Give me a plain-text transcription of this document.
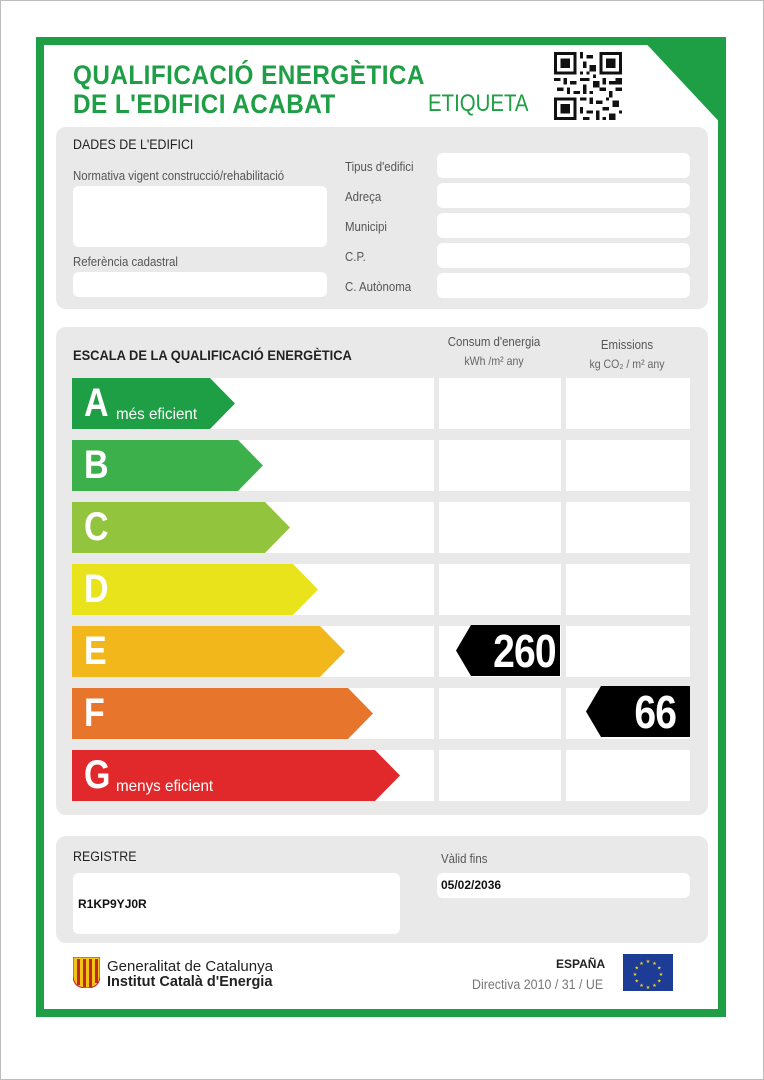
QUALIFICACIÓ ENERGÈTICA
DE L'EDIFICI ACABAT	ETIQUETA
DADES DE L'EDIFICI
Normativa vigent construcció/rehabilitació
Referència cadastral
Tipus d'edifici
Adreça
Municipi
C.P.
C. Autònoma
ESCALA DE LA QUALIFICACIÓ ENERGÈTICA
Consum d'energia
kWh /m² any
Emissions
kg CO₂ / m² any
A més eficient
B
C
D
E
F
G menys eficient
260
66
REGISTRE
R1KP9YJ0R
Vàlid fins
05/02/2036
Generalitat de Catalunya
Institut Català d'Energia
ESPAÑA
Directiva 2010 / 31 / UE
★ ★
★
★
★
★
★
★
★
★
★
★
